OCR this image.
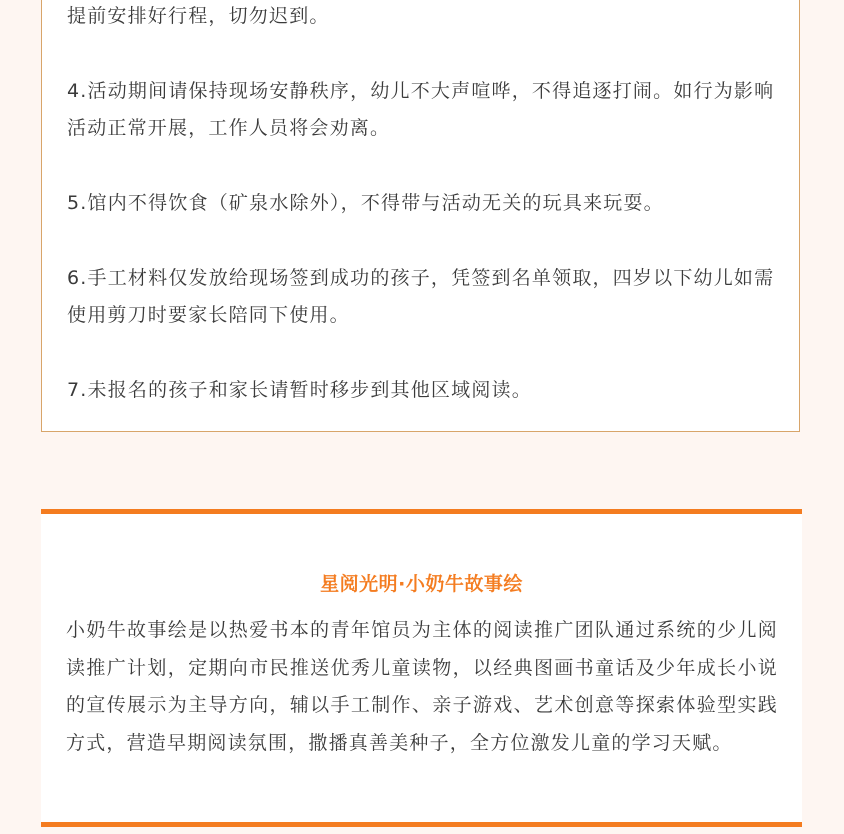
提前安排好行程，切勿迟到。

4.活动期间请保持现场安静秩序，幼儿不大声喧哗，不得追逐打闹。如行为影响活动正常开展，工作人员将会劝离。

5.馆内不得饮食（矿泉水除外），不得带与活动无关的玩具来玩耍。

6.手工材料仅发放给现场签到成功的孩子，凭签到名单领取，四岁以下幼儿如需使用剪刀时要家长陪同下使用。

7.未报名的孩子和家长请暂时移步到其他区域阅读。

星阅光明·小奶牛故事绘

小奶牛故事绘是以热爱书本的青年馆员为主体的阅读推广团队通过系统的少儿阅读推广计划，定期向市民推送优秀儿童读物，以经典图画书童话及少年成长小说的宣传展示为主导方向，辅以手工制作、亲子游戏、艺术创意等探索体验型实践方式，营造早期阅读氛围，撒播真善美种子，全方位激发儿童的学习天赋。
